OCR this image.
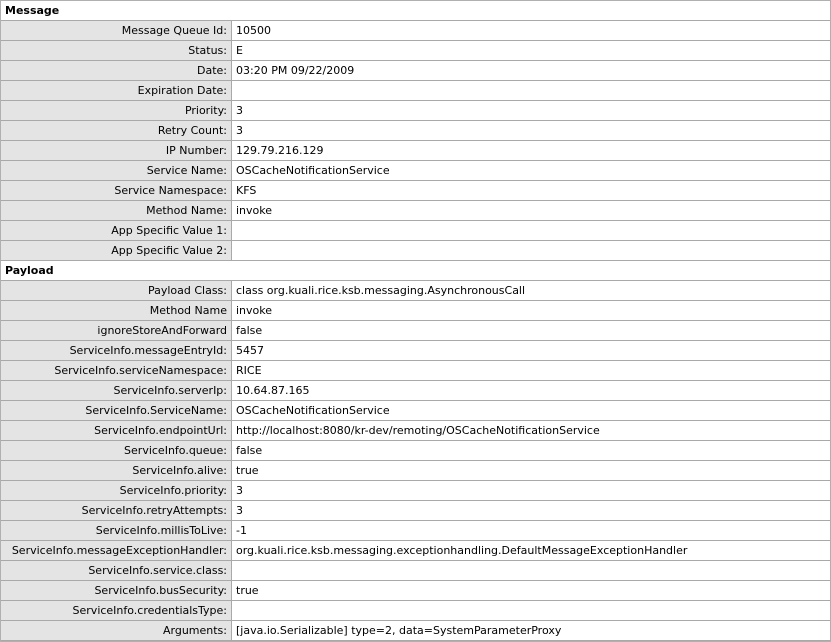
Message
Message Queue Id: 10500
Status: E
Date: 03:20 PM 09/22/2009
Expiration Date:
Priority: 3
Retry Count: 3
IP Number: 129.79.216.129
Service Name: OSCacheNotificationService
Service Namespace: KFS
Method Name: invoke
App Specific Value 1:
App Specific Value 2:
Payload
Payload Class: class org.kuali.rice.ksb.messaging.AsynchronousCall
Method Name invoke
ignoreStoreAndForward false
ServiceInfo.messageEntryId: 5457
ServiceInfo.serviceNamespace: RICE
ServiceInfo.serverIp: 10.64.87.165
ServiceInfo.ServiceName: OSCacheNotificationService
ServiceInfo.endpointUrl: http://localhost:8080/kr-dev/remoting/OSCacheNotificationService
ServiceInfo.queue: false
ServiceInfo.alive: true
ServiceInfo.priority: 3
ServiceInfo.retryAttempts: 3
ServiceInfo.millisToLive: -1
ServiceInfo.messageExceptionHandler: org.kuali.rice.ksb.messaging.exceptionhandling.DefaultMessageExceptionHandler
ServiceInfo.service.class:
ServiceInfo.busSecurity: true
ServiceInfo.credentialsType:
Arguments: [java.io.Serializable] type=2, data=SystemParameterProxy
